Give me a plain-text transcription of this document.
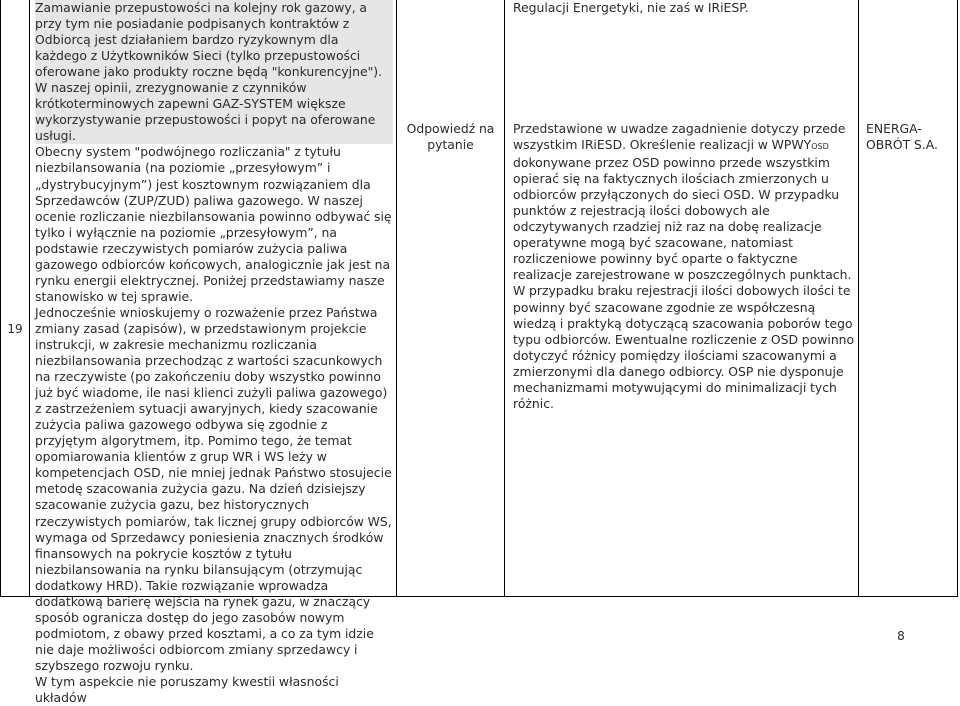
19

Zamawianie przepustowości na kolejny rok gazowy, a przy tym nie posiadanie podpisanych kontraktów z Odbiorcą jest działaniem bardzo ryzykownym dla każdego z Użytkowników Sieci (tylko przepustowości oferowane jako produkty roczne będą "konkurencyjne"). W naszej opinii, zrezygnowanie z czynników krótkoterminowych zapewni GAZ-SYSTEM większe wykorzystywanie przepustowości i popyt na oferowane usługi.

Obecny system "podwójnego rozliczania" z tytułu niezbilansowania (na poziomie „przesyłowym” i „dystrybucyjnym”) jest kosztownym rozwiązaniem dla Sprzedawców (ZUP/ZUD) paliwa gazowego. W naszej ocenie rozliczanie niezbilansowania powinno odbywać się tylko i wyłącznie na poziomie „przesyłowym”, na podstawie rzeczywistych pomiarów zużycia paliwa gazowego odbiorców końcowych, analogicznie jak jest na rynku energii elektrycznej. Poniżej przedstawiamy nasze stanowisko w tej sprawie.

Jednocześnie wnioskujemy o rozważenie przez Państwa zmiany zasad (zapisów), w przedstawionym projekcie instrukcji, w zakresie mechanizmu rozliczania niezbilansowania przechodząc z wartości szacunkowych na rzeczywiste (po zakończeniu doby wszystko powinno już być wiadome, ile nasi klienci zużyli paliwa gazowego) z zastrzeżeniem sytuacji awaryjnych, kiedy szacowanie zużycia paliwa gazowego odbywa się zgodnie z przyjętym algorytmem, itp. Pomimo tego, że temat opomiarowania klientów z grup WR i WS leży w kompetencjach OSD, nie mniej jednak Państwo stosujecie metodę szacowania zużycia gazu. Na dzień dzisiejszy szacowanie zużycia gazu, bez historycznych rzeczywistych pomiarów, tak licznej grupy odbiorców WS, wymaga od Sprzedawcy poniesienia znacznych środków finansowych na pokrycie kosztów z tytułu niezbilansowania na rynku bilansującym (otrzymując dodatkowy HRD). Takie rozwiązanie wprowadza dodatkową barierę wejścia na rynek gazu, w znaczący sposób ogranicza dostęp do jego zasobów nowym podmiotom, z obawy przed kosztami, a co za tym idzie nie daje możliwości odbiorcom zmiany sprzedawcy i szybszego rozwoju rynku.

W tym aspekcie nie poruszamy kwestii własności układów

Odpowiedź na pytanie
Regulacji Energetyki, nie zaś w IRiESP.

Przedstawione w uwadze zagadnienie dotyczy przede wszystkim IRiESD. Określenie realizacji w WPWYOSD dokonywane przez OSD powinno przede wszystkim opierać się na faktycznych ilościach zmierzonych u odbiorców przyłączonych do sieci OSD. W przypadku punktów z rejestracją ilości dobowych ale odczytywanych rzadziej niż raz na dobę realizacje operatywne mogą być szacowane, natomiast rozliczeniowe powinny być oparte o faktyczne realizacje zarejestrowane w poszczególnych punktach.

W przypadku braku rejestracji ilości dobowych ilości te powinny być szacowane zgodnie ze współczesną wiedzą i praktyką dotyczącą szacowania poborów tego typu odbiorców. Ewentualne rozliczenie z OSD powinno dotyczyć różnicy pomiędzy ilościami szacowanymi a zmierzonymi dla danego odbiorcy. OSP nie dysponuje mechanizmami motywującymi do minimalizacji tych różnic.

ENERGA-OBRÓT S.A.
8
